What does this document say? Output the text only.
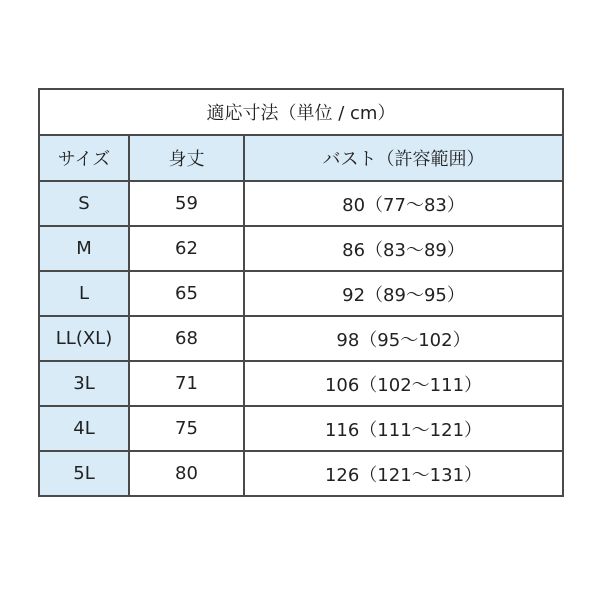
適応寸法（単位 / cm）		
サイズ	身丈	バスト（許容範囲）
S	59	80（77〜83）
M	62	86（83〜89）
L	65	92（89〜95）
LL(XL)	68	98（95〜102）
3L	71	106（102〜111）
4L	75	116（111〜121）
5L	80	126（121〜131）
